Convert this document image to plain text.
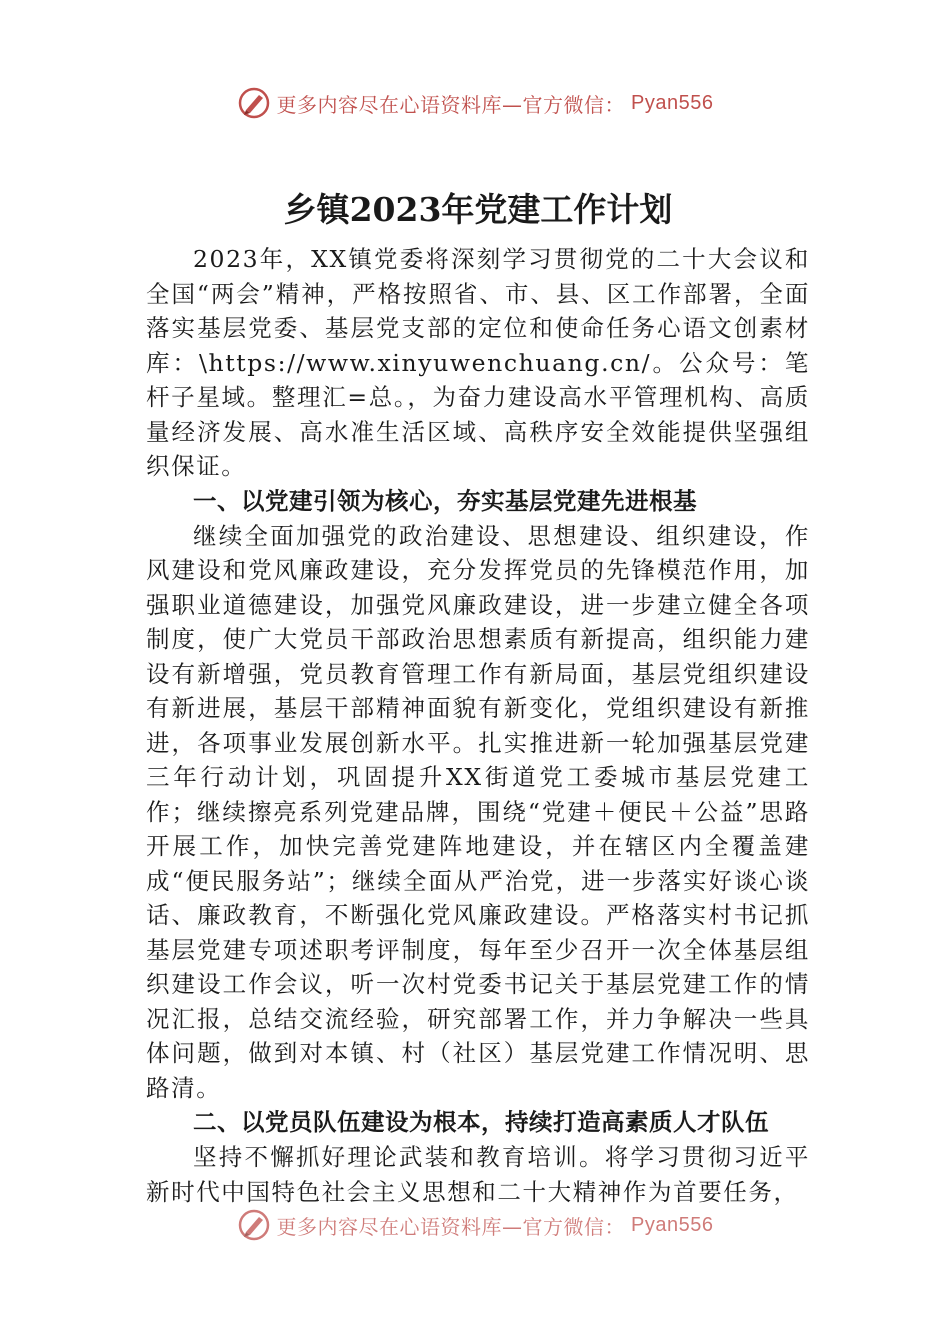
更多内容尽在心语资料库—官方微信： Pyan556
乡镇2023年党建工作计划

2023年，XX镇党委将深刻学习贯彻党的二十大会议和全国“两会”精神，严格按照省、市、县、区工作部署，全面落实基层党委、基层党支部的定位和使命任务心语文创素材库：\https://www.xinyuwenchuang.cn/。公众号：笔杆子星域。整理汇=总。，为奋力建设高水平管理机构、高质量经济发展、高水准生活区域、高秩序安全效能提供坚强组织保证。

一、以党建引领为核心，夯实基层党建先进根基

继续全面加强党的政治建设、思想建设、组织建设，作风建设和党风廉政建设，充分发挥党员的先锋模范作用，加强职业道德建设，加强党风廉政建设，进一步建立健全各项制度，使广大党员干部政治思想素质有新提高，组织能力建设有新增强，党员教育管理工作有新局面，基层党组织建设有新进展，基层干部精神面貌有新变化，党组织建设有新推进，各项事业发展创新水平。扎实推进新一轮加强基层党建三年行动计划，巩固提升XX街道党工委城市基层党建工作；继续擦亮系列党建品牌，围绕“党建＋便民＋公益”思路开展工作，加快完善党建阵地建设，并在辖区内全覆盖建成“便民服务站”；继续全面从严治党，进一步落实好谈心谈话、廉政教育，不断强化党风廉政建设。严格落实村书记抓基层党建专项述职考评制度，每年至少召开一次全体基层组织建设工作会议，听一次村党委书记关于基层党建工作的情况汇报，总结交流经验，研究部署工作，并力争解决一些具体问题，做到对本镇、村（社区）基层党建工作情况明、思路清。

二、以党员队伍建设为根本，持续打造高素质人才队伍

坚持不懈抓好理论武装和教育培训。将学习贯彻习近平新时代中国特色社会主义思想和二十大精神作为首要任务，

更多内容尽在心语资料库—官方微信： Pyan556
